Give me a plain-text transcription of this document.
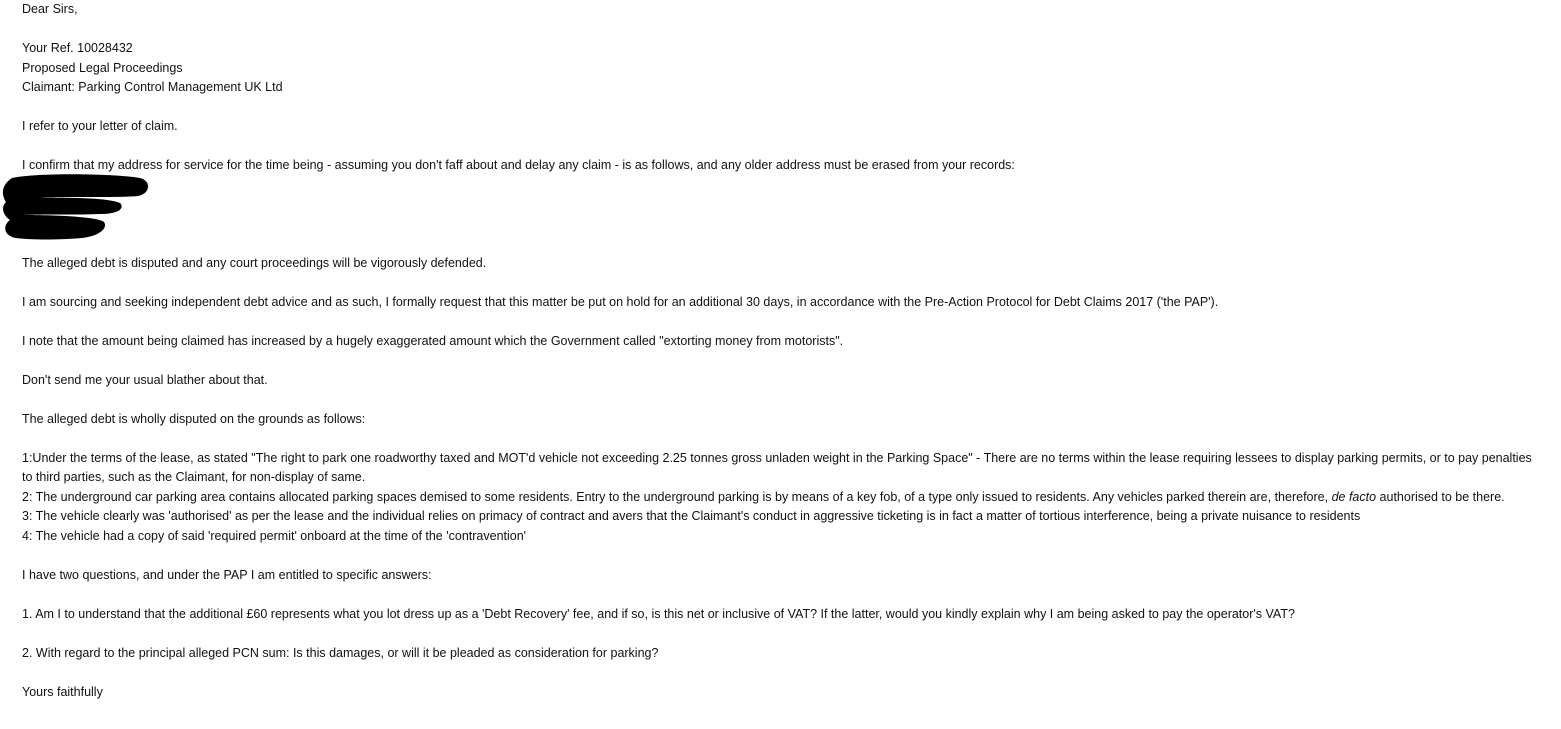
Dear Sirs,
Your Ref. 10028432
Proposed Legal Proceedings
Claimant: Parking Control Management UK Ltd
I refer to your letter of claim.
I confirm that my address for service for the time being - assuming you don't faff about and delay any claim - is as follows, and any older address must be erased from your records:
The alleged debt is disputed and any court proceedings will be vigorously defended.
I am sourcing and seeking independent debt advice and as such, I formally request that this matter be put on hold for an additional 30 days, in accordance with the Pre-Action Protocol for Debt Claims 2017 ('the PAP').
I note that the amount being claimed has increased by a hugely exaggerated amount which the Government called "extorting money from motorists".
Don't send me your usual blather about that.
The alleged debt is wholly disputed on the grounds as follows:
1:Under the terms of the lease, as stated "The right to park one roadworthy taxed and MOT'd vehicle not exceeding 2.25 tonnes gross unladen weight in the Parking Space" - There are no terms within the lease requiring lessees to display parking permits, or to pay penalties to third parties, such as the Claimant, for non-display of same.
2: The underground car parking area contains allocated parking spaces demised to some residents. Entry to the underground parking is by means of a key fob, of a type only issued to residents. Any vehicles parked therein are, therefore, de facto authorised to be there.
3: The vehicle clearly was 'authorised' as per the lease and the individual relies on primacy of contract and avers that the Claimant's conduct in aggressive ticketing is in fact a matter of tortious interference, being a private nuisance to residents
4: The vehicle had a copy of said 'required permit' onboard at the time of the 'contravention'
I have two questions, and under the PAP I am entitled to specific answers:
1. Am I to understand that the additional £60 represents what you lot dress up as a 'Debt Recovery' fee, and if so, is this net or inclusive of VAT? If the latter, would you kindly explain why I am being asked to pay the operator's VAT?
2. With regard to the principal alleged PCN sum: Is this damages, or will it be pleaded as consideration for parking?
Yours faithfully
